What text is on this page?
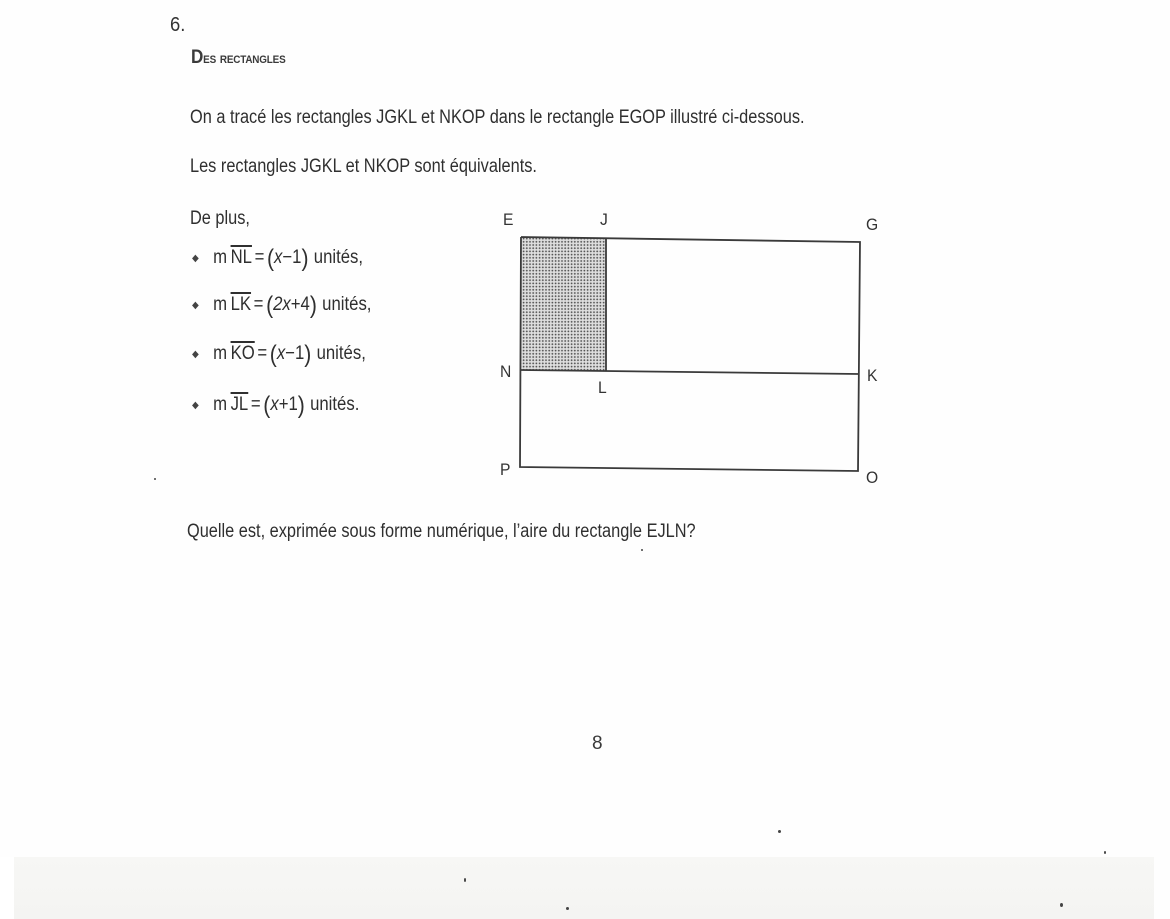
6.
Des rectangles
On a tracé les rectangles JGKL et NKOP dans le rectangle EGOP illustré ci-dessous.
Les rectangles JGKL et NKOP sont équivalents.
De plus,
◆ m $\overline{NL}$ = ( x−1 ) unités,
◆ m $\overline{LK}$ = ( 2x+4 ) unités,
◆ m $\overline{KO}$ = ( x−1 ) unités,
◆ m $\overline{JL}$ = ( x+1 ) unités.
E	J	G
N
L
K
P	O
Quelle est, exprimée sous forme numérique, l’aire du rectangle EJLN?
8
